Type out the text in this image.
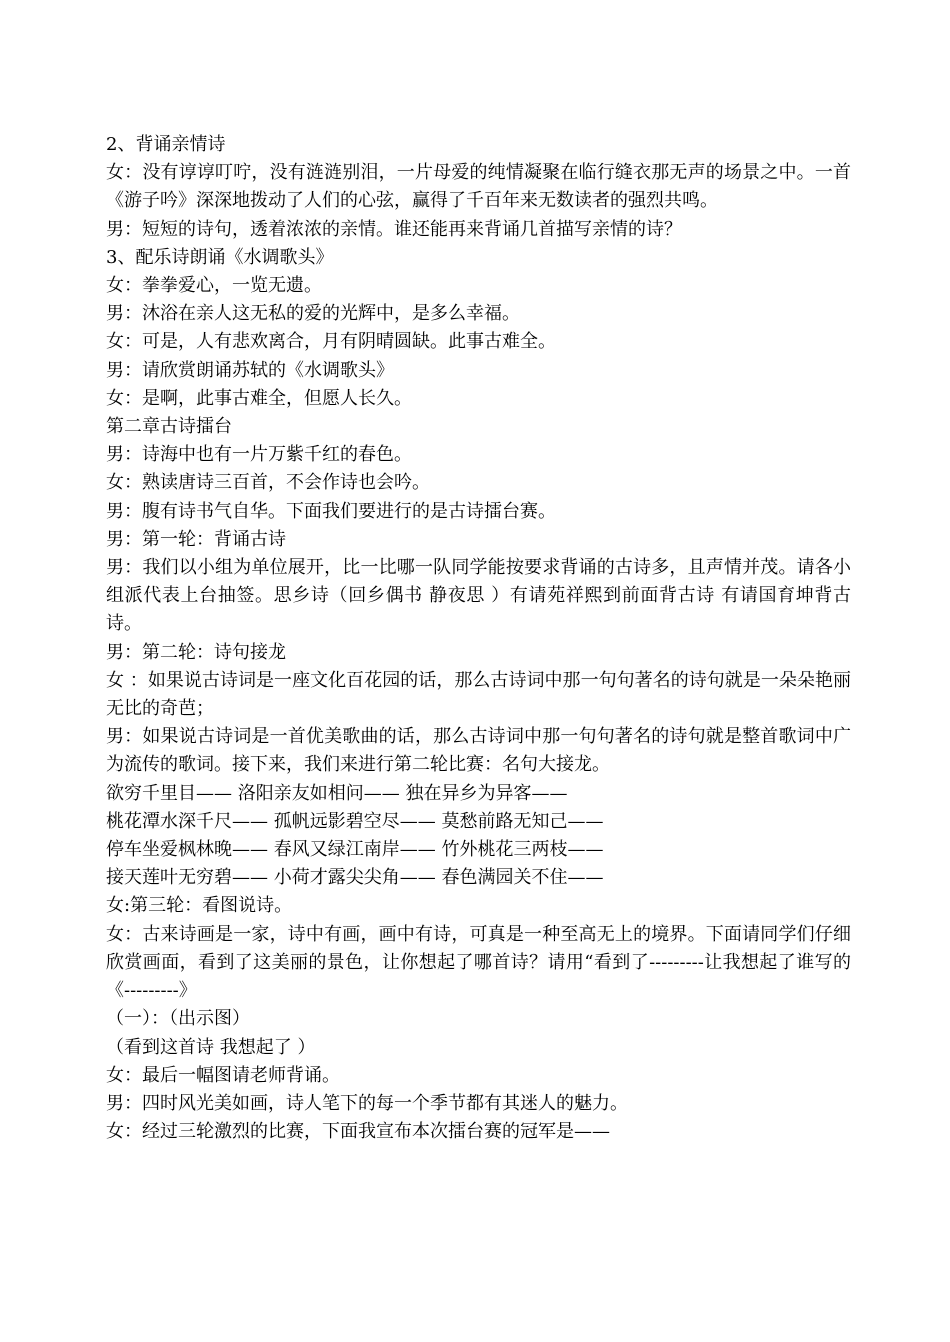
2、背诵亲情诗

女：没有谆谆叮咛，没有涟涟别泪，一片母爱的纯情凝聚在临行缝衣那无声的场景之中。一首《游子吟》深深地拨动了人们的心弦，赢得了千百年来无数读者的强烈共鸣。

男：短短的诗句，透着浓浓的亲情。谁还能再来背诵几首描写亲情的诗？

3、配乐诗朗诵《水调歌头》

女：拳拳爱心，一览无遗。

男：沐浴在亲人这无私的爱的光辉中，是多么幸福。

女：可是，人有悲欢离合，月有阴晴圆缺。此事古难全。

男：请欣赏朗诵苏轼的《水调歌头》

女：是啊，此事古难全，但愿人长久。

第二章古诗擂台

男：诗海中也有一片万紫千红的春色。

女：熟读唐诗三百首，不会作诗也会吟。

男：腹有诗书气自华。下面我们要进行的是古诗擂台赛。

男：第一轮：背诵古诗

男：我们以小组为单位展开，比一比哪一队同学能按要求背诵的古诗多，且声情并茂。请各小组派代表上台抽签。思乡诗（回乡偶书 静夜思 ）有请苑祥熙到前面背古诗 有请国育坤背古诗。

男：第二轮：诗句接龙

女 ：如果说古诗词是一座文化百花园的话，那么古诗词中那一句句著名的诗句就是一朵朵艳丽无比的奇芭；

男：如果说古诗词是一首优美歌曲的话，那么古诗词中那一句句著名的诗句就是整首歌词中广为流传的歌词。接下来，我们来进行第二轮比赛：名句大接龙。

欲穷千里目—— 洛阳亲友如相问—— 独在异乡为异客——

桃花潭水深千尺—— 孤帆远影碧空尽—— 莫愁前路无知己——

停车坐爱枫林晚—— 春风又绿江南岸—— 竹外桃花三两枝——

接天莲叶无穷碧—— 小荷才露尖尖角—— 春色满园关不住——

女:第三轮：看图说诗。

女：古来诗画是一家，诗中有画，画中有诗，可真是一种至高无上的境界。下面请同学们仔细欣赏画面，看到了这美丽的景色，让你想起了哪首诗？请用“看到了---------让我想起了谁写的《---------》

（一）：（出示图）

（看到这首诗 我想起了 ）

女：最后一幅图请老师背诵。

男：四时风光美如画，诗人笔下的每一个季节都有其迷人的魅力。

女：经过三轮激烈的比赛，下面我宣布本次擂台赛的冠军是——
